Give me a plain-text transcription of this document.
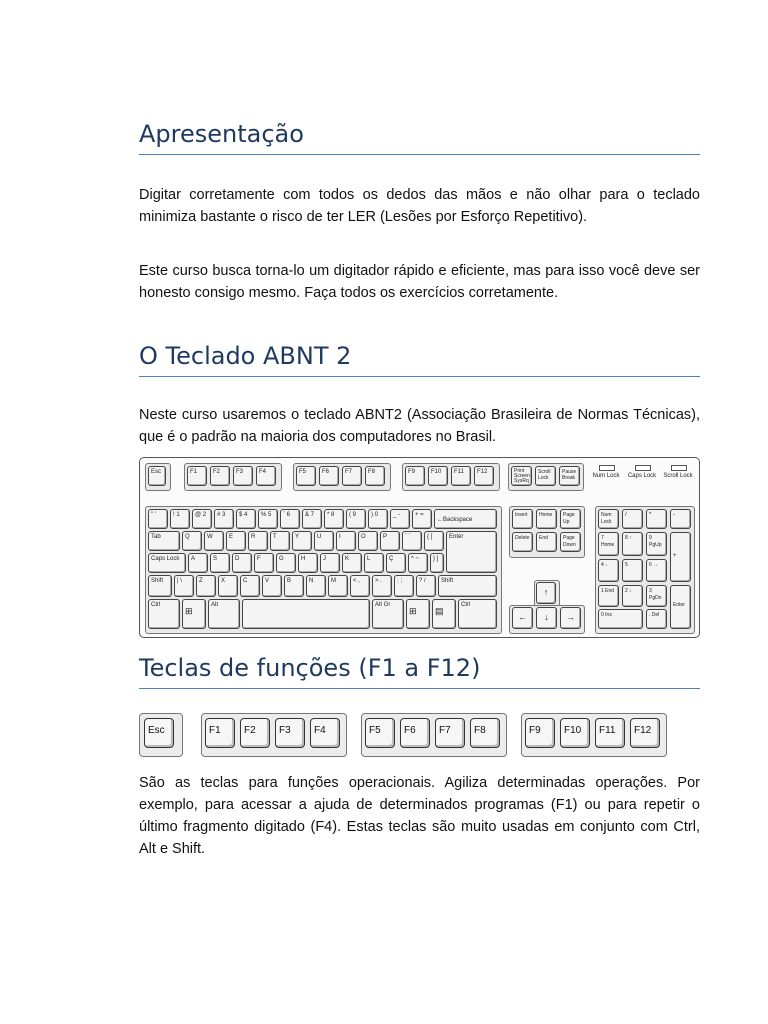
Apresentação

Digitar corretamente com todos os dedos das mãos e não olhar para o teclado minimiza bastante o risco de ter LER (Lesões por Esforço Repetitivo).

Este curso busca torna-lo um digitador rápido e eficiente, mas para isso você deve ser honesto consigo mesmo. Faça todos os exercícios corretamente.

O Teclado ABNT 2

Neste curso usaremos o teclado ABNT2 (Associação Brasileira de Normas Técnicas), que é o padrão na maioria dos computadores no Brasil.

Teclas de funções (F1 a F12)

São as teclas para funções operacionais. Agiliza determinadas operações. Por exemplo, para acessar a ajuda de determinados programas (F1) ou para repetir o último fragmento digitado (F4). Estas teclas são muito usadas em conjunto com Ctrl, Alt e Shift.

Esc	F1	F2	F3	F4	F5	F6	F7	F8	F9	F10	F11	F12	Print Screen SysRq
Scroll Lock
Pause Break	Num Lock Caps Lock Scroll Lock
" '	! 1	@ 2	# 3	$ 4	% 5	¨ 6	& 7	* 8	( 9	) 0	_ -	+ =
←Backspace
Tab	Q	W	E	R	T	Y	U	I	O	P	` ´	{ [	Enter
Caps Lock	A	S	D	F	G	H	J	K	L	Ç	^ ~	} ]
Shift	| \	Z	X	C	V	B	N	M	< ,	> .	: ;	? /	Shift
Ctrl
⊞
Alt	Alt Gr
⊞	▤
Ctrl
Insert	Home	Page Up
Delete	End	Page Down
↑
←	↓	→
Num Lock
/	*	-
7 Home
8 ↑	9 PgUp
+
4 ←	5	6 →
1 End	2 ↓	3 PgDn
Enter
0 Ins	. Del
Esc	F1	F2	F3	F4	F5	F6	F7	F8	F9	F10	F11	F12
